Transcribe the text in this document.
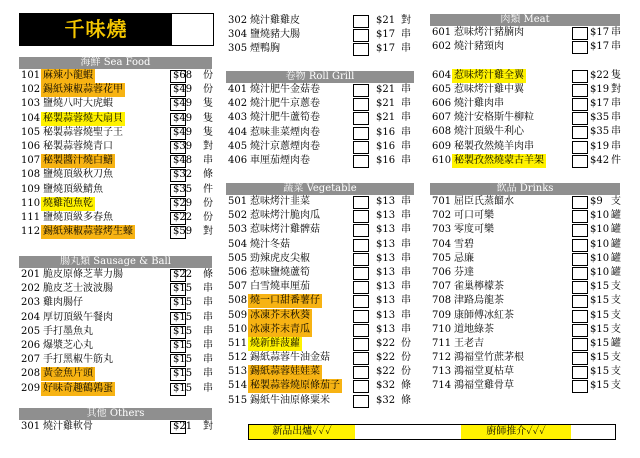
千味燒
海鮮 Sea Food
101 麻辣小龍蝦	$68 份
102 錫紙辣椒蒜蓉花甲	$49 份
103 鹽燒八吋大虎蝦	$49 隻
104 秘製蒜蓉燒大扇貝	$49 隻
105 秘製蒜蓉燒聖子王	$49 隻
106 秘製蒜蓉燒青口	$39 對
107 秘製醬汁燒白鱔	$48 串
108 鹽燒頂級秋刀魚	$32 條
109 鹽燒頂級鯖魚	$35 件
110 燒雞泡魚乾	$29 份
111 鹽燒頂級多春魚	$22 份
112 錫紙辣椒蒜蓉烤生蠔	$59 對
腸丸類 Sausage & Ball
201 脆皮原條芝華力腸	$22 條
202 脆皮芝士波波腸	$15 串
203 雞肉腸仔	$15 串
204 厚切頂級午餐肉	$15 串
205 手打墨魚丸	$15 串
206 爆漿芝心丸	$15 串
207 手打黑椒牛筋丸	$15 串
208 黃金魚片頭	$15 串
209 好味奇趣鶴鶉蛋	$15 串
其他 Others
301 燒汁雞軟骨	$21 對
302 燒汁雞雞皮	$21 對
304 鹽燒豬大腸	$17 串
305 煙鴨胸	$17 串
卷物 Roll Grill
401 燒汁肥牛金菇卷	$21 串
402 燒汁肥牛京蔥卷	$21 串
403 燒汁肥牛蘆筍卷	$21 串
404 惹味韭菜煙肉卷	$16 串
405 燒汁京蔥煙肉卷	$16 串
406 車厘茄煙肉卷	$16 串
蔬菜 Vegetable
501 惹味烤汁韭菜	$13 串
502 惹味烤汁脆肉瓜	$13 串
503 惹味烤汁雞髀菇	$13 串
504 燒汁冬菇	$13 串
505 勁辣虎皮尖椒	$13 串
506 惹味鹽燒蘆筍	$13 串
507 白雪燒車厘茄	$13 串
508 燒一口甜番薯仔	$13 串
509 冰凍芥末秋葵	$13 串
510 冰凍芥末青瓜	$13 串
511 燒新鮮菠蘿	$22 份
512 錫紙蒜蓉牛油金菇	$22 份
513 錫紙蒜蓉娃娃菜	$22 份
514 秘製蒜蓉燒原條茄子	$32 條
515 錫紙牛油原條粟米	$32 條
肉類 Meat
601 惹味烤汁豬腩肉	$17 串
602 燒汁豬頸肉	$17 串
604 惹味烤汁雞全翼	$22 隻
605 惹味烤汁雞中翼	$19 對
606 燒汁雞肉串	$17 串
607 燒汁安格斯牛柳粒	$35 串
608 燒汁頂級牛利心	$35 串
609 秘製孜然燒羊肉串	$19 串
610 秘製孜然燒蒙古羊架	$42 件
飲品 Drinks
701 屈臣氏蒸餾水	$9 支
702 可口可樂	$10 罐
703 零度可樂	$10 罐
704 雪碧	$10 罐
705 忌廉	$10 罐
706 芬達	$10 罐
707 雀巢檸檬茶	$15 支
708 津路烏龍茶	$15 支
709 康師傅冰紅茶	$15 支
710 道地綠茶	$15 支
711 王老吉	$15 罐
712 鴻福堂竹蔗茅根	$15 支
713 鴻福堂夏枯草	$15 支
714 鴻福堂雞骨草	$15 支
新品出爐✓✓✓	廚師推介✓✓✓
